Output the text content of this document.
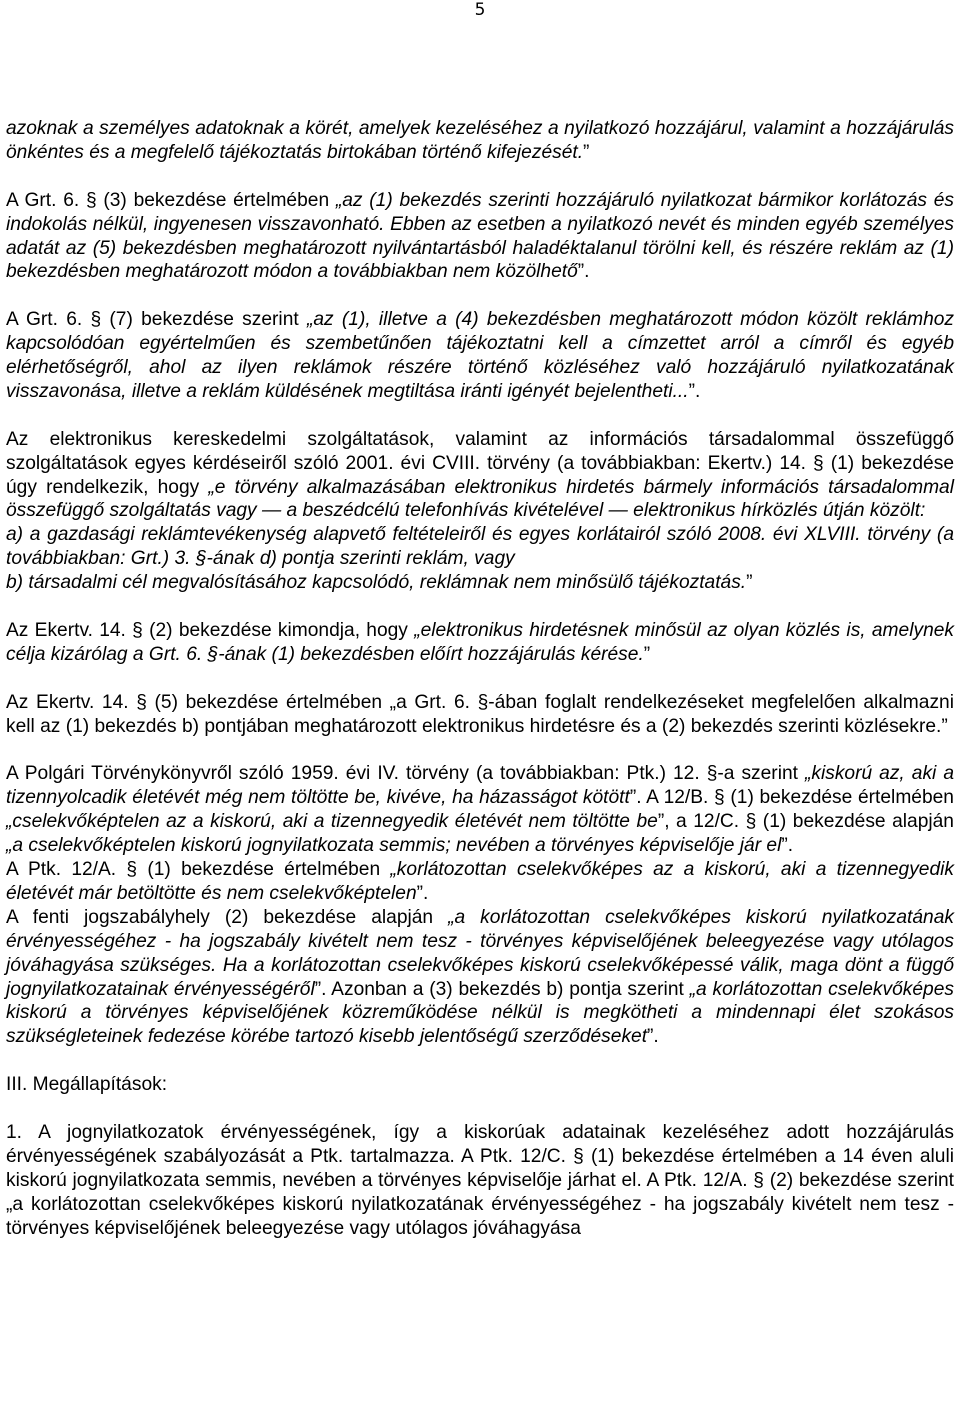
5

azoknak a személyes adatoknak a körét, amelyek kezeléséhez a nyilatkozó hozzájárul, valamint a hozzájárulás önkéntes és a megfelelő tájékoztatás birtokában történő kifejezését.”

A Grt. 6. § (3) bekezdése értelmében „az (1) bekezdés szerinti hozzájáruló nyilatkozat bármikor korlátozás és indokolás nélkül, ingyenesen visszavonható. Ebben az esetben a nyilatkozó nevét és minden egyéb személyes adatát az (5) bekezdésben meghatározott nyilvántartásból haladéktalanul törölni kell, és részére reklám az (1) bekezdésben meghatározott módon a továbbiakban nem közölhető”.

A Grt. 6. § (7) bekezdése szerint „az (1), illetve a (4) bekezdésben meghatározott módon közölt reklámhoz kapcsolódóan egyértelműen és szembetűnően tájékoztatni kell a címzettet arról a címről és egyéb elérhetőségről, ahol az ilyen reklámok részére történő közléséhez való hozzájáruló nyilatkozatának visszavonása, illetve a reklám küldésének megtiltása iránti igényét bejelentheti...”.

Az elektronikus kereskedelmi szolgáltatások, valamint az információs társadalommal összefüggő szolgáltatások egyes kérdéseiről szóló 2001. évi CVIII. törvény (a továbbiakban: Ekertv.) 14. § (1) bekezdése úgy rendelkezik, hogy „e törvény alkalmazásában elektronikus hirdetés bármely információs társadalommal összefüggő szolgáltatás vagy — a beszédcélú telefonhívás kivételével — elektronikus hírközlés útján közölt:
a) a gazdasági reklámtevékenység alapvető feltételeiről és egyes korlátairól szóló 2008. évi XLVIII. törvény (a továbbiakban: Grt.) 3. §-ának d) pontja szerinti reklám, vagy
b) társadalmi cél megvalósításához kapcsolódó, reklámnak nem minősülő tájékoztatás.”

Az Ekertv. 14. § (2) bekezdése kimondja, hogy „elektronikus hirdetésnek minősül az olyan közlés is, amelynek célja kizárólag a Grt. 6. §-ának (1) bekezdésben előírt hozzájárulás kérése.”

Az Ekertv. 14. § (5) bekezdése értelmében „a Grt. 6. §-ában foglalt rendelkezéseket megfelelően alkalmazni kell az (1) bekezdés b) pontjában meghatározott elektronikus hirdetésre és a (2) bekezdés szerinti közlésekre.”

A Polgári Törvénykönyvről szóló 1959. évi IV. törvény (a továbbiakban: Ptk.) 12. §-a szerint „kiskorú az, aki a tizennyolcadik életévét még nem töltötte be, kivéve, ha házasságot kötött”. A 12/B. § (1) bekezdése értelmében „cselekvőképtelen az a kiskorú, aki a tizennegyedik életévét nem töltötte be”, a 12/C. § (1) bekezdése alapján „a cselekvőképtelen kiskorú jognyilatkozata semmis; nevében a törvényes képviselője jár el”.

A Ptk. 12/A. § (1) bekezdése értelmében „korlátozottan cselekvőképes az a kiskorú, aki a tizennegyedik életévét már betöltötte és nem cselekvőképtelen”.

A fenti jogszabályhely (2) bekezdése alapján „a korlátozottan cselekvőképes kiskorú nyilatkozatának érvényességéhez - ha jogszabály kivételt nem tesz - törvényes képviselőjének beleegyezése vagy utólagos jóváhagyása szükséges. Ha a korlátozottan cselekvőképes kiskorú cselekvőképessé válik, maga dönt a függő jognyilatkozatainak érvényességéről”. Azonban a (3) bekezdés b) pontja szerint „a korlátozottan cselekvőképes kiskorú a törvényes képviselőjének közreműködése nélkül is megkötheti a mindennapi élet szokásos szükségleteinek fedezése körébe tartozó kisebb jelentőségű szerződéseket”.

III. Megállapítások:

1. A jognyilatkozatok érvényességének, így a kiskorúak adatainak kezeléséhez adott hozzájárulás érvényességének szabályozását a Ptk. tartalmazza. A Ptk. 12/C. § (1) bekezdése értelmében a 14 éven aluli kiskorú jognyilatkozata semmis, nevében a törvényes képviselője járhat el. A Ptk. 12/A. § (2) bekezdése szerint „a korlátozottan cselekvőképes kiskorú nyilatkozatának érvényességéhez - ha jogszabály kivételt nem tesz - törvényes képviselőjének beleegyezése vagy utólagos jóváhagyása
